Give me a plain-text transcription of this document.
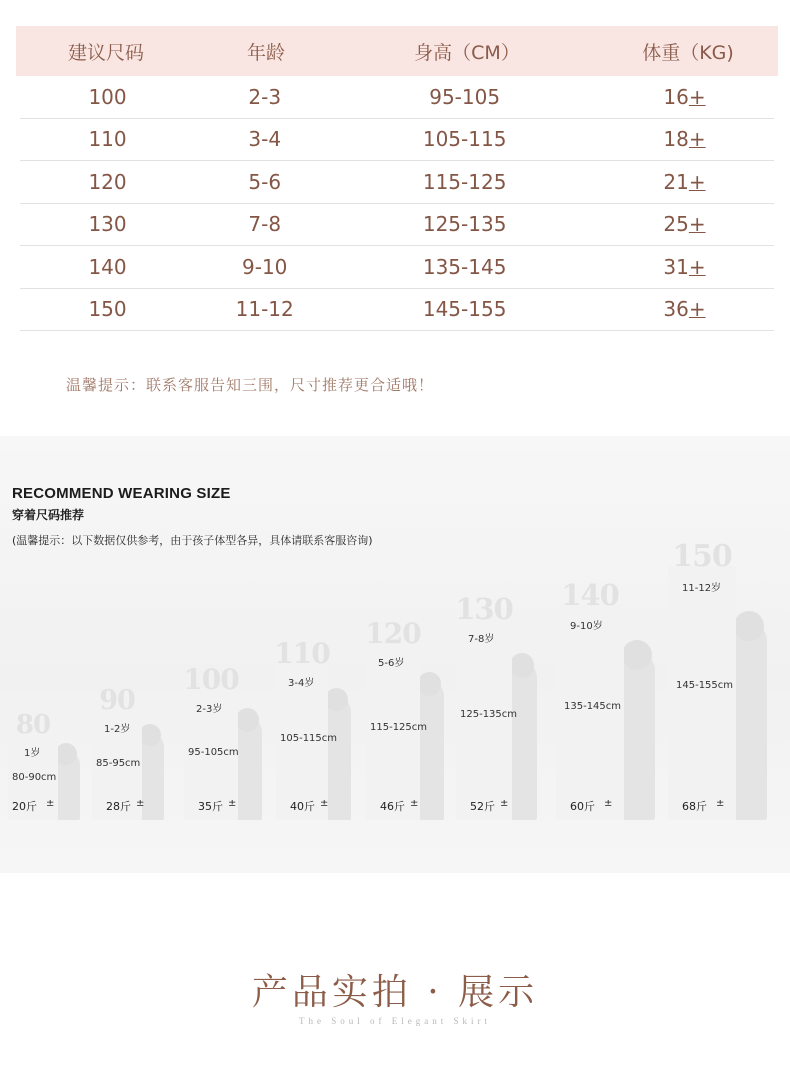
建议尺码	年龄	身高（CM）	体重（KG)
100	2-3	95-105	16+
110	3-4	105-115	18+
120	5-6	115-125	21+
130	7-8	125-135	25+
140	9-10	135-145	31+
150	11-12	145-155	36+
温馨提示：联系客服告知三围，尺寸推荐更合适哦！
80
1岁
80-90cm
20斤 ±
90
1-2岁
85-95cm
28斤 ±
100
2-3岁
95-105cm
35斤 ±
110
3-4岁
105-115cm
40斤 ±
120
5-6岁
115-125cm
46斤 ±
130
7-8岁
125-135cm
52斤 ±
140
9-10岁
135-145cm
60斤 ±
150
11-12岁
145-155cm
68斤 ±
RECOMMEND WEARING SIZE
穿着尺码推荐
(温馨提示：以下数据仅供参考，由于孩子体型各异，具体请联系客服咨询)
产品实拍 · 展示
The Soul of Elegant Skirt
